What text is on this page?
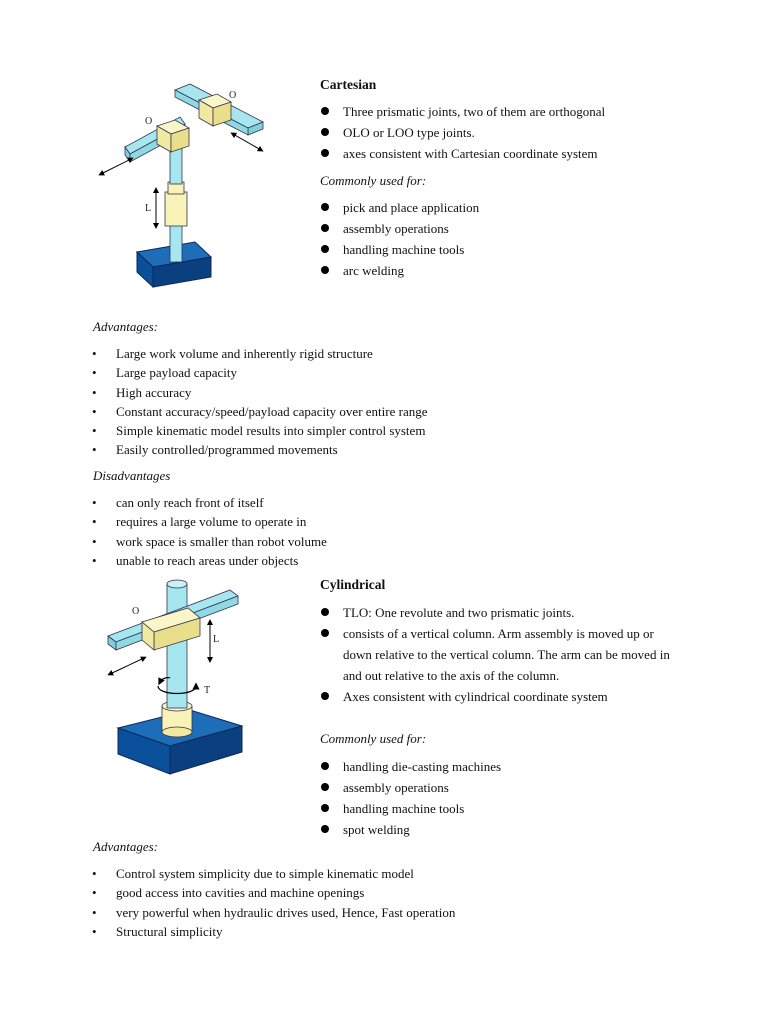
O
O
L
Cartesian
Three prismatic joints, two of them are orthogonal
OLO or LOO type joints.
axes consistent with Cartesian coordinate system
Commonly used for:
pick and place application
assembly operations
handling machine tools
arc welding
Advantages:
• Large work volume and inherently rigid structure
• Large payload capacity
• High accuracy
• Constant accuracy/speed/payload capacity over entire range
• Simple kinematic model results into simpler control system
• Easily controlled/programmed movements
Disadvantages
• can only reach front of itself
• requires a large volume to operate in
• work space is smaller than robot volume
• unable to reach areas under objects
O
L
T
Cylindrical
TLO: One revolute and two prismatic joints.
consists of a vertical column. Arm assembly is moved up or down relative to the vertical column. The arm can be moved in and out relative to the axis of the column.
Axes consistent with cylindrical coordinate system
Commonly used for:
handling die-casting machines
assembly operations
handling machine tools
spot welding
Advantages:
• Control system simplicity due to simple kinematic model
• good access into cavities and machine openings
• very powerful when hydraulic drives used, Hence, Fast operation
• Structural simplicity
